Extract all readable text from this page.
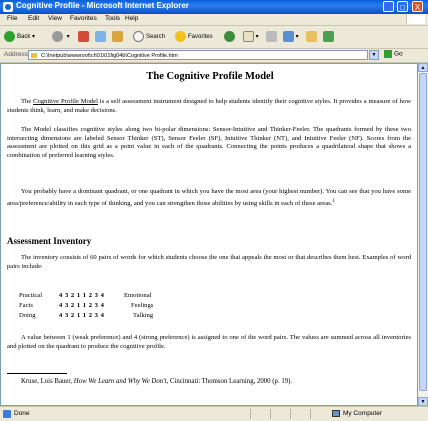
Cognitive Profile - Microsoft Internet Explorer	_	□	X
File Edit View Favorites Tools Help
Back ▾	▾	Search	Favorites	▾	▾
Address	C:\Inetpub\wwwroot\ch01\01fig04b\Cognitive Profile.htm	▼	Go
The Cognitive Profile Model

The Cognitive Profile Model is a self assessment instrument designed to help students identify their cognitive styles. It provides a measure of how students think, learn, and make decisions.

The Model classifies cognitive styles along two bi-polar dimensions: Sensor-Intuitive and Thinker-Feeler. The quadrants formed by these two intersecting dimensions are labeled Sensor Thinker (ST), Sensor Feeler (SF), Intuitive Thinker (NT), and Intuitive Feeler (NF). Scores from the assessment are plotted on this grid as a point value in each of the quadrants. Connecting the points produces a quadrilateral shape that shows a combination of preferred learning styles.

You probably have a dominant quadrant, or one quadrant in which you have the most area (your highest number). You can see that you have some area/preference/ability in each type of thinking, and you can strengthen those abilities by using skills in each of these areas.$^1$

Assessment Inventory

The inventory consists of 60 pairs of words for which students choose the one that appeals the most or that describes them best. Examples of word pairs include:

Practical	4 3 2 1 1 2 3 4	Emotional
Facts	4 3 2 1 1 2 3 4	Feelings
Doing	4 3 2 1 1 2 3 4	Talking

A value between 1 (weak preference) and 4 (strong preference) is assigned to one of the word pairs. The values are summed across all inventories and plotted on the quadrant to produce the cognitive profile.

Kruse, Lois Bauer, How We Learn and Why We Don't, Cincinnati: Thomson Learning, 2000 (p. 19).
▲
▼
Done	My Computer
